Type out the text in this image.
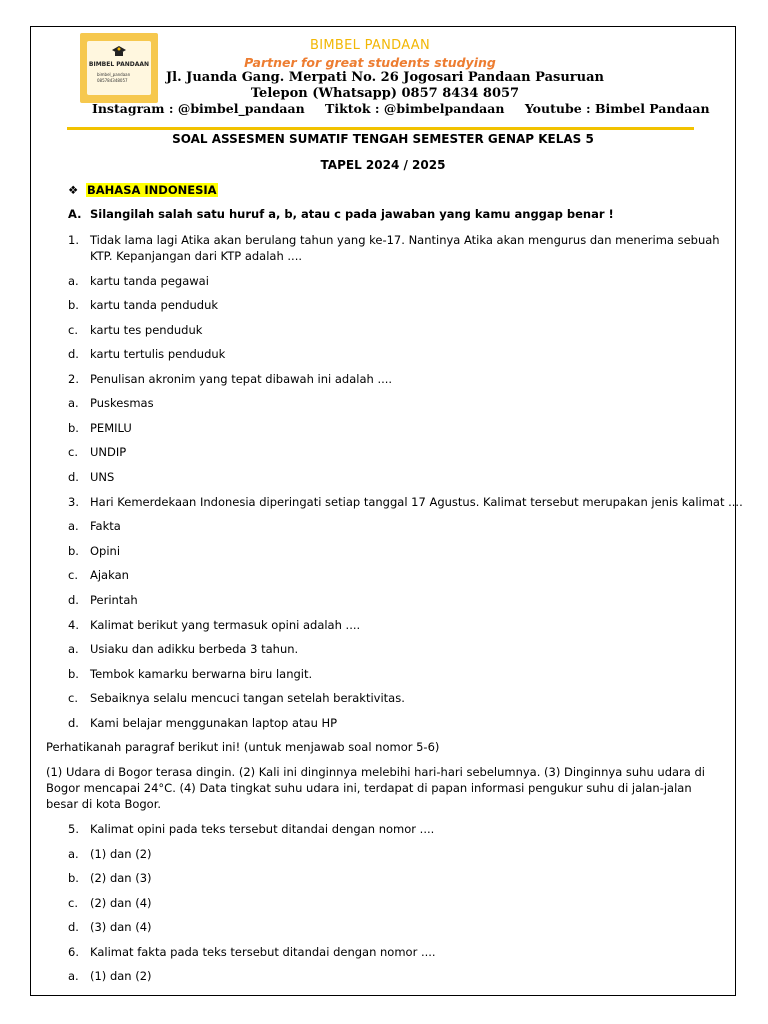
BIMBEL PANDAAN
bimbel_pandaan
085784348057
BIMBEL PANDAAN
Partner for great students studying
Jl. Juanda Gang. Merpati No. 26 Jogosari Pandaan Pasuruan
Telepon (Whatsapp) 0857 8434 8057
Instagram : @bimbel_pandaan Tiktok : @bimbelpandaan Youtube : Bimbel Pandaan
SOAL ASSESMEN SUMATIF TENGAH SEMESTER GENAP KELAS 5
TAPEL 2024 / 2025
❖ BAHASA INDONESIA
A. Silangilah salah satu huruf a, b, atau c pada jawaban yang kamu anggap benar !
1. Tidak lama lagi Atika akan berulang tahun yang ke-17. Nantinya Atika akan mengurus dan menerima sebuah KTP. Kepanjangan dari KTP adalah ....
a. kartu tanda pegawai
b. kartu tanda penduduk
c. kartu tes penduduk
d. kartu tertulis penduduk
2. Penulisan akronim yang tepat dibawah ini adalah ....
a. Puskesmas
b. PEMILU
c. UNDIP
d. UNS
3. Hari Kemerdekaan Indonesia diperingati setiap tanggal 17 Agustus. Kalimat tersebut merupakan jenis kalimat ....
a. Fakta
b. Opini
c. Ajakan
d. Perintah
4. Kalimat berikut yang termasuk opini adalah ....
a. Usiaku dan adikku berbeda 3 tahun.
b. Tembok kamarku berwarna biru langit.
c. Sebaiknya selalu mencuci tangan setelah beraktivitas.
d. Kami belajar menggunakan laptop atau HP
Perhatikanah paragraf berikut ini! (untuk menjawab soal nomor 5-6)
(1) Udara di Bogor terasa dingin. (2) Kali ini dinginnya melebihi hari-hari sebelumnya. (3) Dinginnya suhu udara di Bogor mencapai 24°C. (4) Data tingkat suhu udara ini, terdapat di papan informasi pengukur suhu di jalan-jalan besar di kota Bogor.
5. Kalimat opini pada teks tersebut ditandai dengan nomor ....
a. (1) dan (2)
b. (2) dan (3)
c. (2) dan (4)
d. (3) dan (4)
6. Kalimat fakta pada teks tersebut ditandai dengan nomor ....
a. (1) dan (2)
